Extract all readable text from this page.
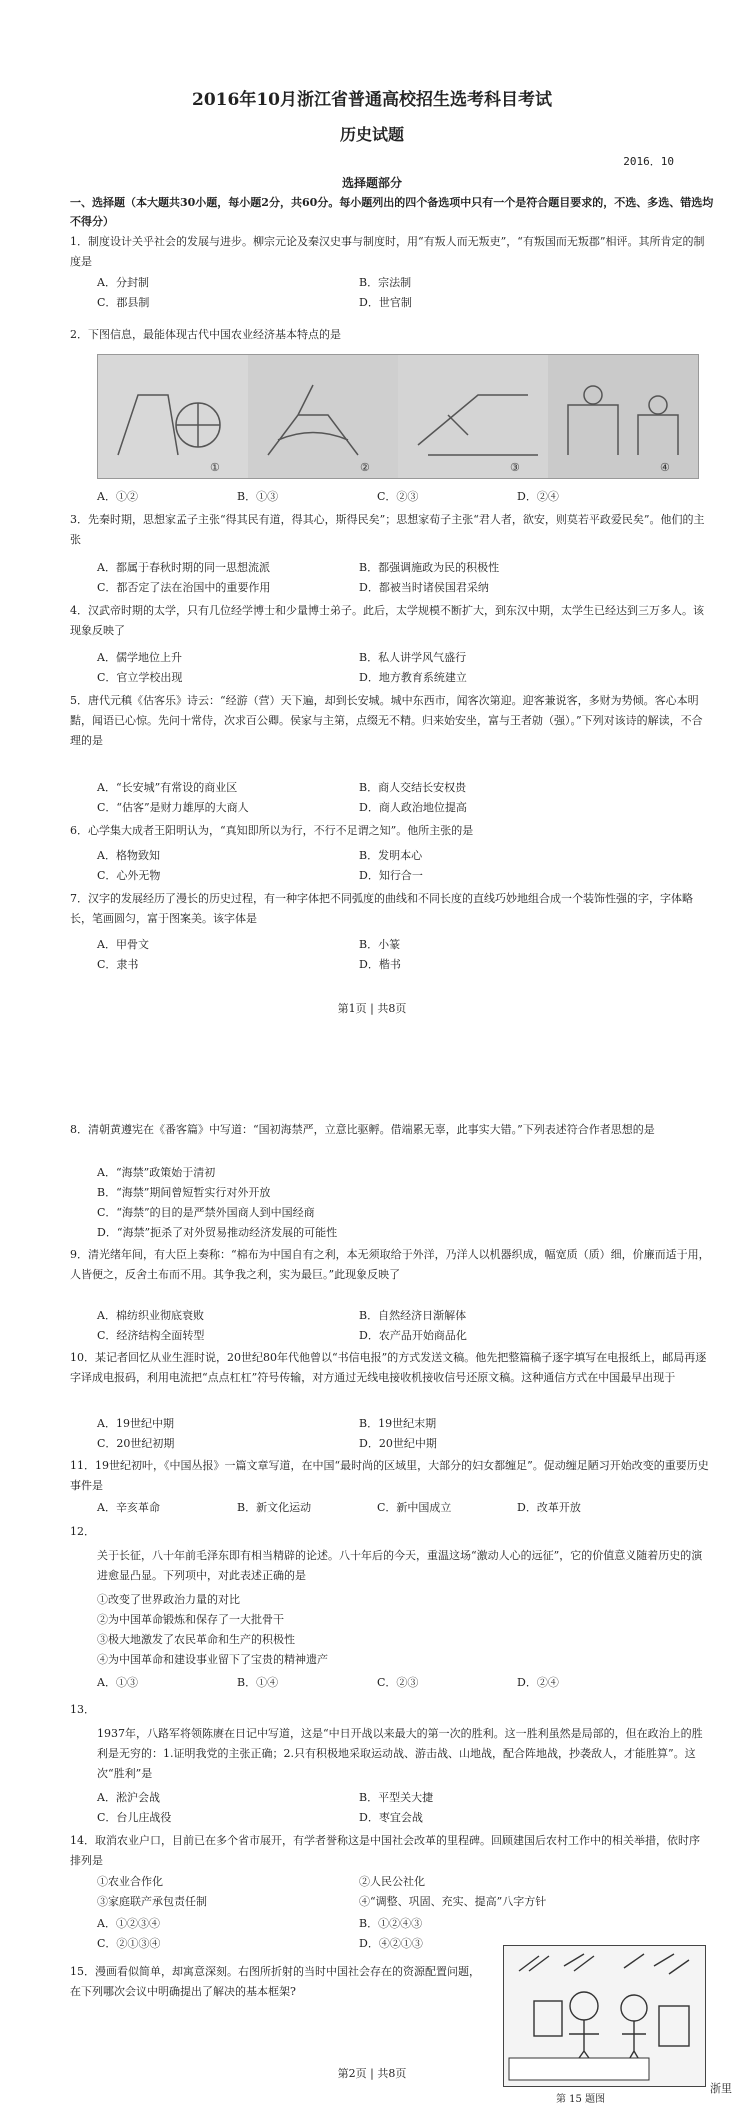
2016年10月浙江省普通高校招生选考科目考试
历史试题
2016．10
选择题部分
一、选择题（本大题共30小题，每小题2分，共60分。每小题列出的四个备选项中只有一个是符合题目要求的，不选、多选、错选均不得分）
1．制度设计关乎社会的发展与进步。柳宗元论及秦汉史事与制度时，用“有叛人而无叛吏”，“有叛国而无叛郡”相评。其所肯定的制度是
A．分封制	B．宗法制
C．郡县制	D．世官制
2．下图信息，最能体现古代中国农业经济基本特点的是
①	②	③	④
A．①②	B．①③	C．②③	D．②④
3．先秦时期，思想家孟子主张“得其民有道，得其心，斯得民矣”；思想家荀子主张“君人者，欲安，则莫若平政爱民矣”。他们的主张
A．都属于春秋时期的同一思想流派	B．都强调施政为民的积极性
C．都否定了法在治国中的重要作用	D．都被当时诸侯国君采纳
4．汉武帝时期的太学，只有几位经学博士和少量博士弟子。此后，太学规模不断扩大，到东汉中期，太学生已经达到三万多人。该现象反映了
A．儒学地位上升	B．私人讲学风气盛行
C．官立学校出现	D．地方教育系统建立
5．唐代元稹《估客乐》诗云：“经游（营）天下遍，却到长安城。城中东西市，闻客次第迎。迎客兼说客，多财为势倾。客心本明黠，闻语已心惊。先问十常侍，次求百公卿。侯家与主第，点缀无不精。归来始安坐，富与王者勍（强）。”下列对该诗的解读，不合理的是
A．“长安城”有常设的商业区	B．商人交结长安权贵
C．“估客”是财力雄厚的大商人	D．商人政治地位提高
6．心学集大成者王阳明认为，“真知即所以为行，不行不足谓之知”。他所主张的是
A．格物致知	B．发明本心
C．心外无物	D．知行合一
7．汉字的发展经历了漫长的历史过程，有一种字体把不同弧度的曲线和不同长度的直线巧妙地组合成一个装饰性强的字，字体略长，笔画圆匀，富于图案美。该字体是
A．甲骨文	B．小篆
C．隶书	D．楷书
第1页 | 共8页
8．清朝黄遵宪在《番客篇》中写道：“国初海禁严，立意比驱孵。借端累无辜，此事实大错。”下列表述符合作者思想的是
A．“海禁”政策始于清初
B．“海禁”期间曾短暂实行对外开放
C．“海禁”的目的是严禁外国商人到中国经商
D．“海禁”扼杀了对外贸易推动经济发展的可能性
9．清光绪年间，有大臣上奏称：“棉布为中国自有之利，本无须取给于外洋，乃洋人以机器织成，幅宽质（质）细，价廉而适于用，人皆便之，反舍土布而不用。其争我之利，实为最巨。”此现象反映了
A．棉纺织业彻底衰败	B．自然经济日渐解体
C．经济结构全面转型	D．农产品开始商品化
10．某记者回忆从业生涯时说，20世纪80年代他曾以“书信电报”的方式发送文稿。他先把整篇稿子逐字填写在电报纸上，邮局再逐字译成电报码，利用电流把“点点杠杠”符号传输，对方通过无线电接收机接收信号还原文稿。这种通信方式在中国最早出现于
A．19世纪中期	B．19世纪末期
C．20世纪初期	D．20世纪中期
11．19世纪初叶，《中国丛报》一篇文章写道，在中国“最时尚的区域里，大部分的妇女都缠足”。促动缠足陋习开始改变的重要历史事件是
A．辛亥革命	B．新文化运动	C．新中国成立	D．改革开放
12．
关于长征，八十年前毛泽东即有相当精辟的论述。八十年后的今天，重温这场“激动人心的远征”，它的价值意义随着历史的演进愈显凸显。下列项中，对此表述正确的是
①改变了世界政治力量的对比
②为中国革命锻炼和保存了一大批骨干
③极大地激发了农民革命和生产的积极性
④为中国革命和建设事业留下了宝贵的精神遗产
A．①③	B．①④	C．②③	D．②④
13．
1937年，八路军将领陈赓在日记中写道，这是“中日开战以来最大的第一次的胜利。这一胜利虽然是局部的，但在政治上的胜利是无穷的：1.证明我党的主张正确；2.只有积极地采取运动战、游击战、山地战，配合阵地战，抄袭敌人，才能胜算”。这次“胜利”是
A．淞沪会战	B．平型关大捷
C．台儿庄战役	D．枣宜会战
14．取消农业户口，目前已在多个省市展开，有学者誉称这是中国社会改革的里程碑。回顾建国后农村工作中的相关举措，依时序排列是
①农业合作化	②人民公社化
③家庭联产承包责任制	④“调整、巩固、充实、提高”八字方针
A．①②③④	B．①②④③
C．②①③④	D．④②①③
15．漫画看似简单，却寓意深刻。右图所折射的当时中国社会存在的资源配置问题，在下列哪次会议中明确提出了解决的基本框架?
第 15 题图
第2页 | 共8页
浙里
